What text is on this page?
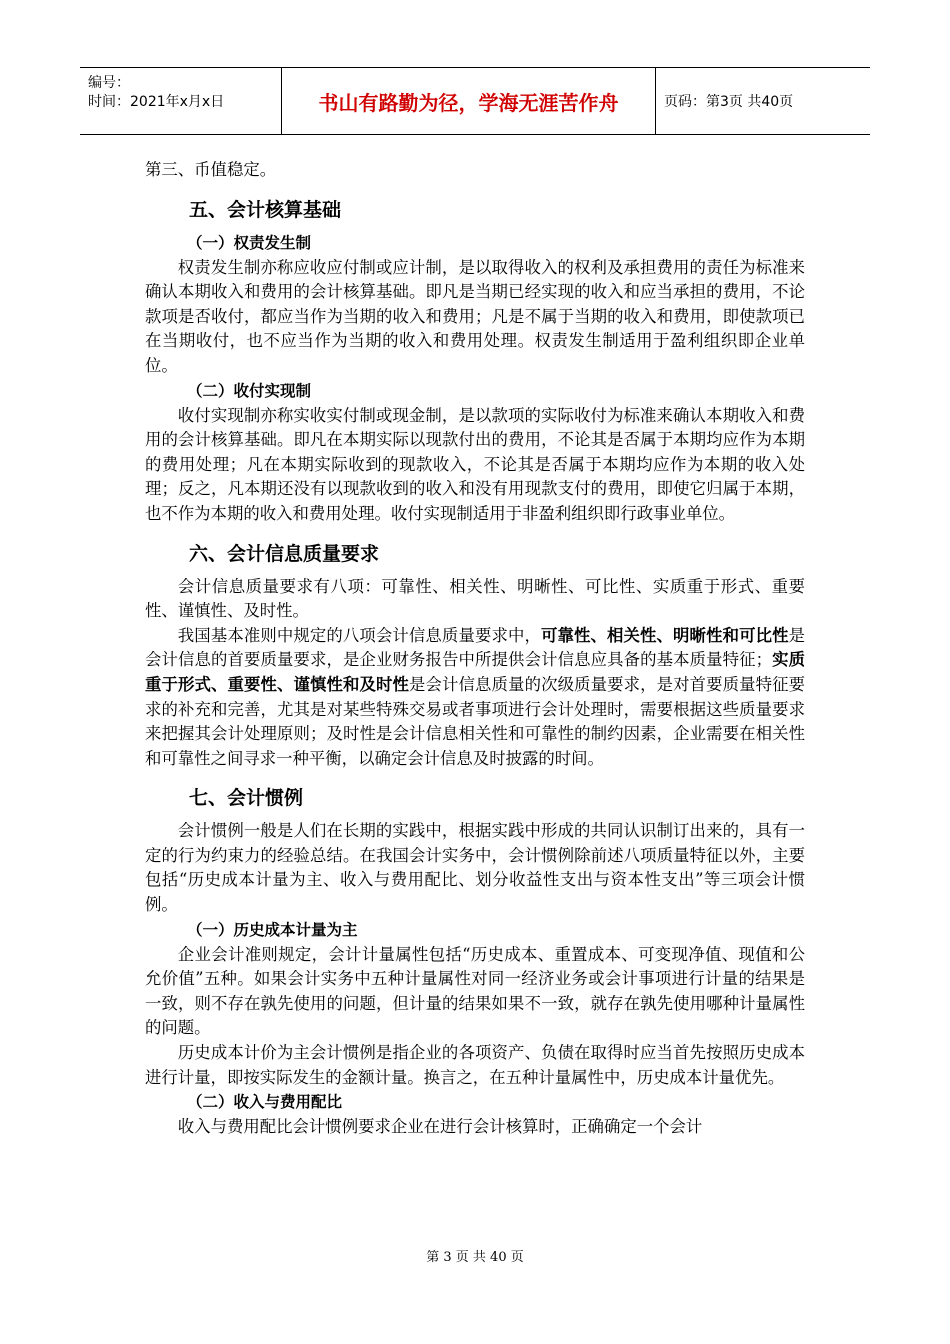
编号：
时间：2021年x月x日	书山有路勤为径，学海无涯苦作舟	页码：第3页 共40页

第三、币值稳定。

五、会计核算基础
（一）权责发生制

权责发生制亦称应收应付制或应计制，是以取得收入的权利及承担费用的责任为标准来确认本期收入和费用的会计核算基础。即凡是当期已经实现的收入和应当承担的费用，不论款项是否收付，都应当作为当期的收入和费用；凡是不属于当期的收入和费用，即使款项已在当期收付，也不应当作为当期的收入和费用处理。权责发生制适用于盈利组织即企业单位。

（二）收付实现制

收付实现制亦称实收实付制或现金制，是以款项的实际收付为标准来确认本期收入和费用的会计核算基础。即凡在本期实际以现款付出的费用，不论其是否属于本期均应作为本期的费用处理；凡在本期实际收到的现款收入，不论其是否属于本期均应作为本期的收入处理；反之，凡本期还没有以现款收到的收入和没有用现款支付的费用，即使它归属于本期，也不作为本期的收入和费用处理。收付实现制适用于非盈利组织即行政事业单位。

六、会计信息质量要求

会计信息质量要求有八项：可靠性、相关性、明晰性、可比性、实质重于形式、重要性、谨慎性、及时性。

我国基本准则中规定的八项会计信息质量要求中，可靠性、相关性、明晰性和可比性是会计信息的首要质量要求，是企业财务报告中所提供会计信息应具备的基本质量特征；实质重于形式、重要性、谨慎性和及时性是会计信息质量的次级质量要求，是对首要质量特征要求的补充和完善，尤其是对某些特殊交易或者事项进行会计处理时，需要根据这些质量要求来把握其会计处理原则；及时性是会计信息相关性和可靠性的制约因素，企业需要在相关性和可靠性之间寻求一种平衡，以确定会计信息及时披露的时间。

七、会计惯例

会计惯例一般是人们在长期的实践中，根据实践中形成的共同认识制订出来的，具有一定的行为约束力的经验总结。在我国会计实务中，会计惯例除前述八项质量特征以外，主要包括“历史成本计量为主、收入与费用配比、划分收益性支出与资本性支出”等三项会计惯例。

（一）历史成本计量为主

企业会计准则规定，会计计量属性包括“历史成本、重置成本、可变现净值、现值和公允价值”五种。如果会计实务中五种计量属性对同一经济业务或会计事项进行计量的结果是一致，则不存在孰先使用的问题，但计量的结果如果不一致，就存在孰先使用哪种计量属性的问题。

历史成本计价为主会计惯例是指企业的各项资产、负债在取得时应当首先按照历史成本进行计量，即按实际发生的金额计量。换言之，在五种计量属性中，历史成本计量优先。

（二）收入与费用配比

收入与费用配比会计惯例要求企业在进行会计核算时，正确确定一个会计

第 3 页 共 40 页
